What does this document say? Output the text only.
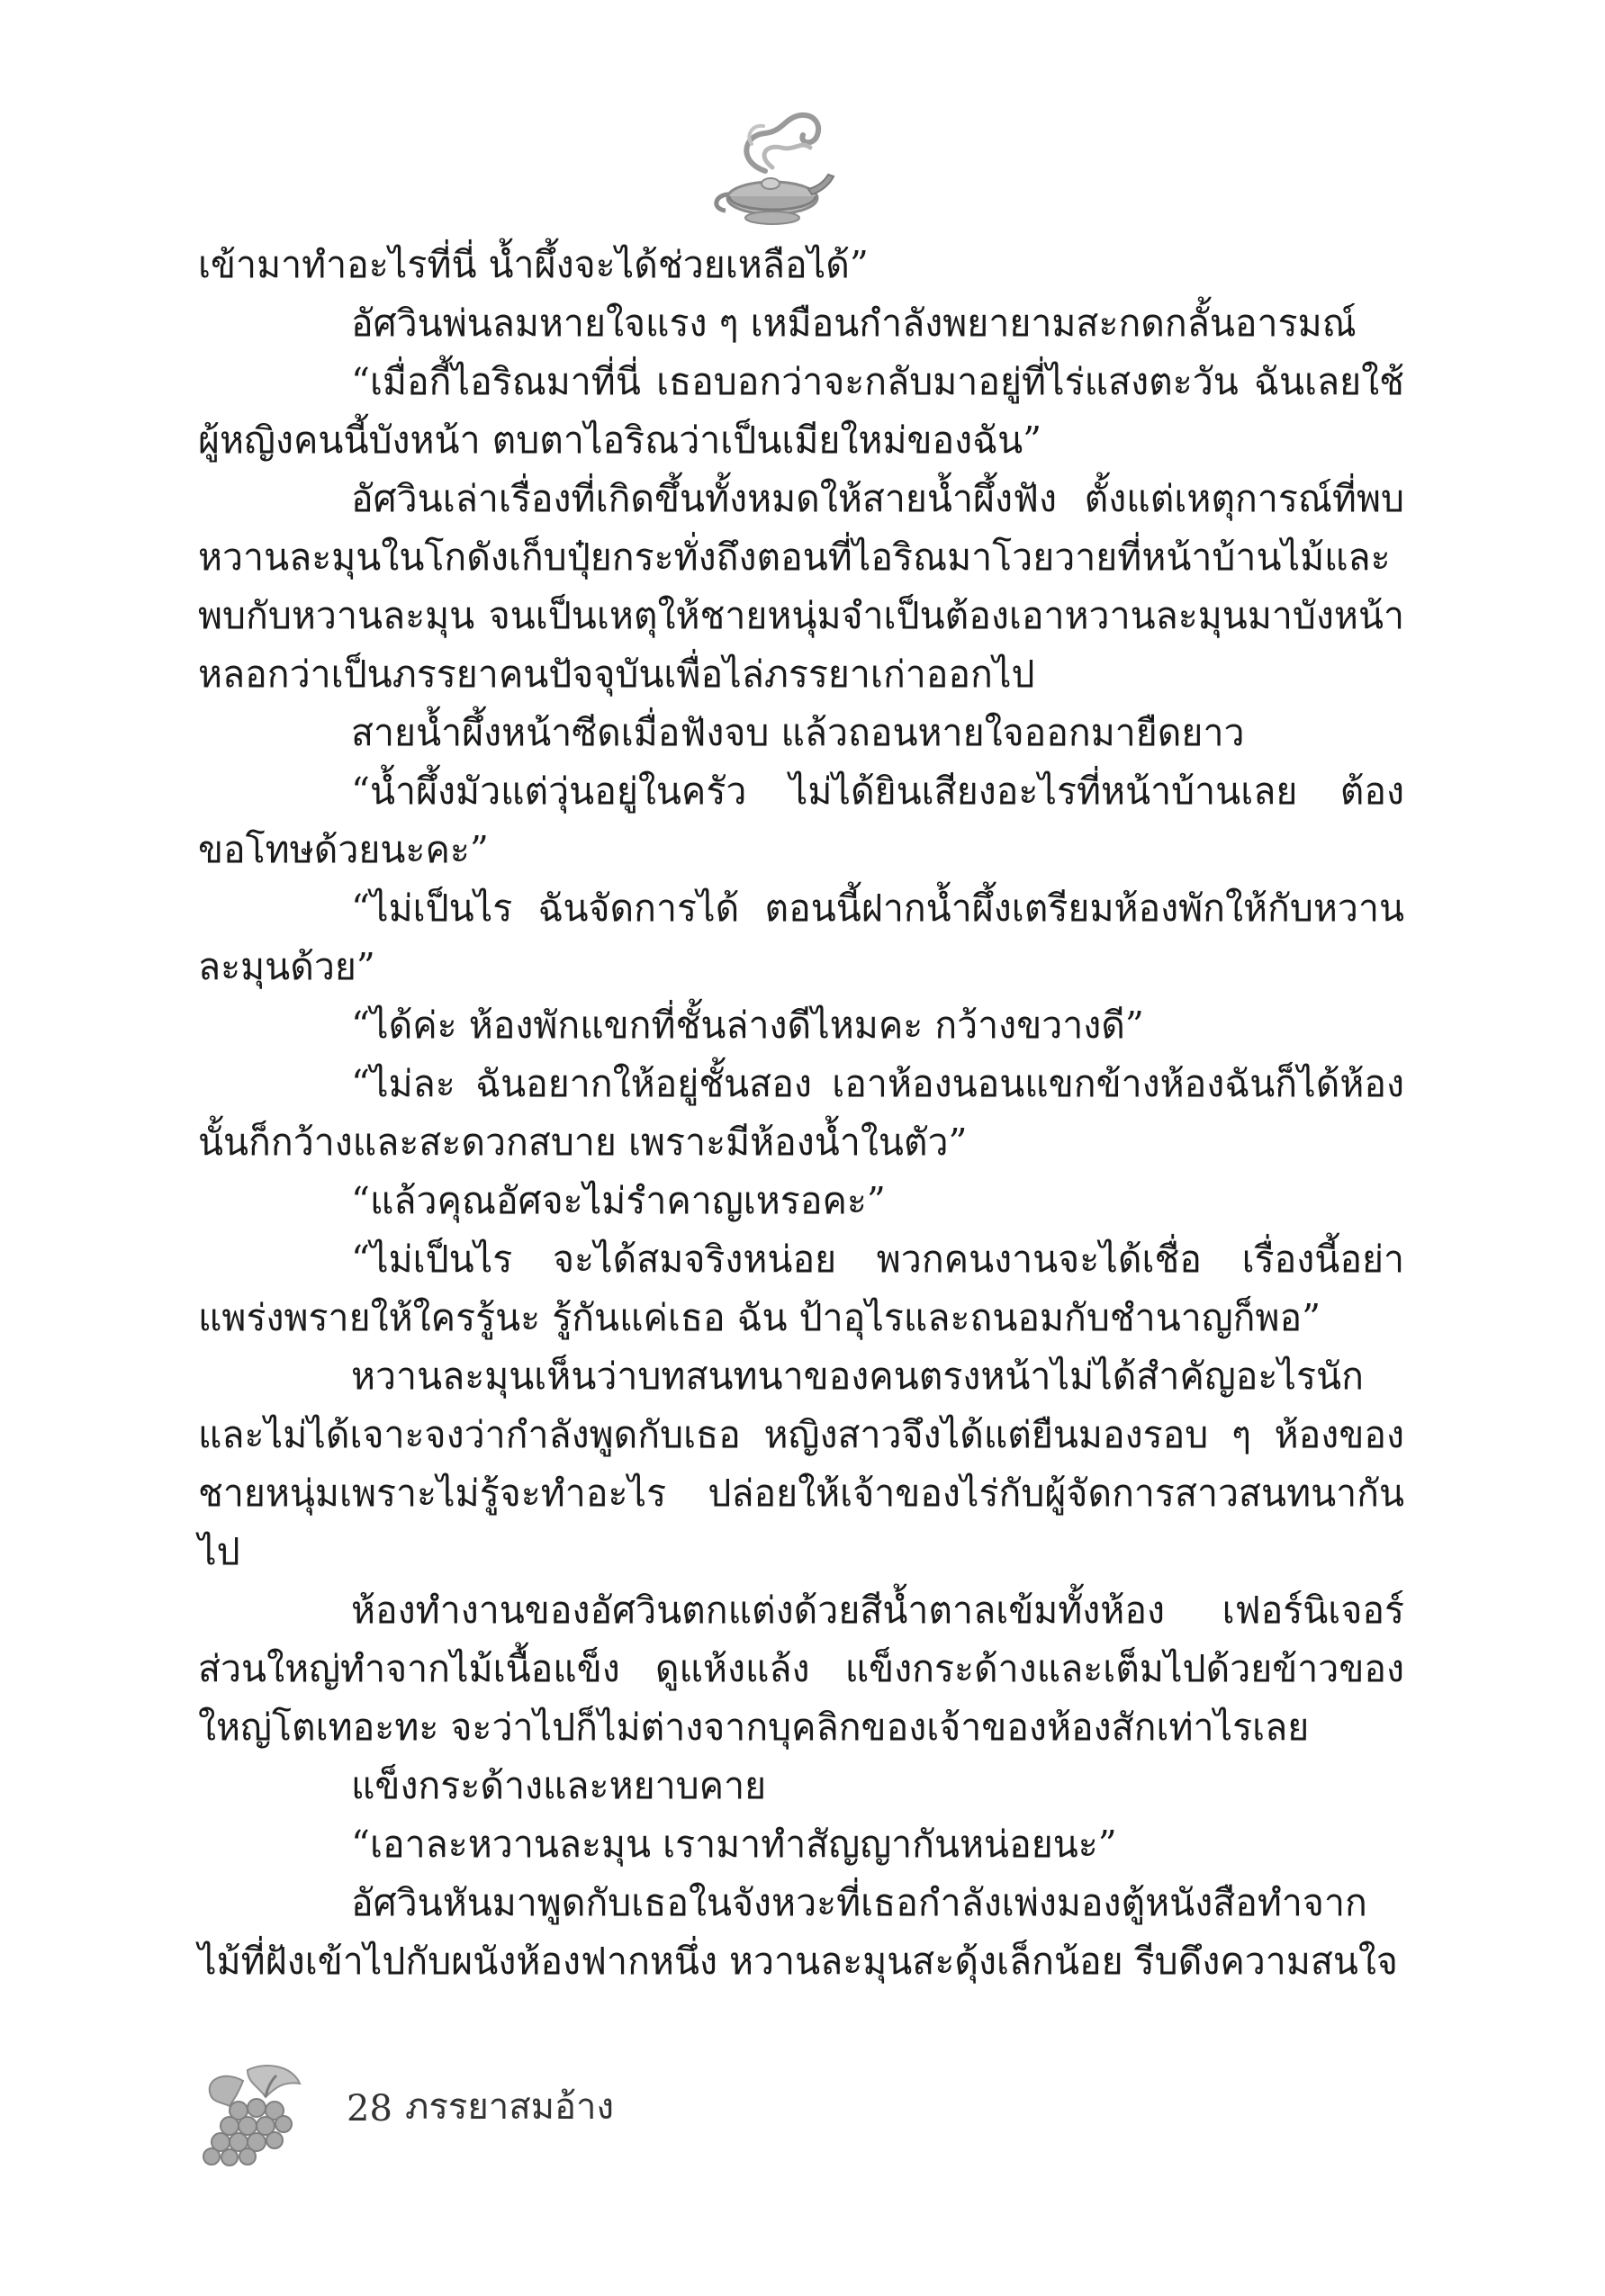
เข้ามาทำอะไรที่นี่ น้ำผึ้งจะได้ช่วยเหลือได้”

อัศวินพ่นลมหายใจแรง ๆ เหมือนกำลังพยายามสะกดกลั้นอารมณ์

“เมื่อกี้ไอริณมาที่นี่ เธอบอกว่าจะกลับมาอยู่ที่ไร่แสงตะวัน ฉันเลยใช้ผู้หญิงคนนี้บังหน้า ตบตาไอริณว่าเป็นเมียใหม่ของฉัน”

อัศวินเล่าเรื่องที่เกิดขึ้นทั้งหมดให้สายน้ำผึ้งฟัง ตั้งแต่เหตุการณ์ที่พบหวานละมุนในโกดังเก็บปุ๋ยกระทั่งถึงตอนที่ไอริณมาโวยวายที่หน้าบ้านไม้และพบกับหวานละมุน จนเป็นเหตุให้ชายหนุ่มจำเป็นต้องเอาหวานละมุนมาบังหน้า หลอกว่าเป็นภรรยาคนปัจจุบันเพื่อไล่ภรรยาเก่าออกไป

สายน้ำผึ้งหน้าซีดเมื่อฟังจบ แล้วถอนหายใจออกมายืดยาว

“น้ำผึ้งมัวแต่วุ่นอยู่ในครัว ไม่ได้ยินเสียงอะไรที่หน้าบ้านเลย ต้องขอโทษด้วยนะคะ”

“ไม่เป็นไร ฉันจัดการได้ ตอนนี้ฝากน้ำผึ้งเตรียมห้องพักให้กับหวานละมุนด้วย”

“ได้ค่ะ ห้องพักแขกที่ชั้นล่างดีไหมคะ กว้างขวางดี”

“ไม่ละ ฉันอยากให้อยู่ชั้นสอง เอาห้องนอนแขกข้างห้องฉันก็ได้ห้องนั้นก็กว้างและสะดวกสบาย เพราะมีห้องน้ำในตัว”

“แล้วคุณอัศจะไม่รำคาญเหรอคะ”

“ไม่เป็นไร จะได้สมจริงหน่อย พวกคนงานจะได้เชื่อ เรื่องนี้อย่าแพร่งพรายให้ใครรู้นะ รู้กันแค่เธอ ฉัน ป้าอุไรและถนอมกับชำนาญก็พอ”

หวานละมุนเห็นว่าบทสนทนาของคนตรงหน้าไม่ได้สำคัญอะไรนักและไม่ได้เจาะจงว่ากำลังพูดกับเธอ หญิงสาวจึงได้แต่ยืนมองรอบ ๆ ห้องของชายหนุ่มเพราะไม่รู้จะทำอะไร ปล่อยให้เจ้าของไร่กับผู้จัดการสาวสนทนากันไป

ห้องทำงานของอัศวินตกแต่งด้วยสีน้ำตาลเข้มทั้งห้อง เฟอร์นิเจอร์ส่วนใหญ่ทำจากไม้เนื้อแข็ง ดูแห้งแล้ง แข็งกระด้างและเต็มไปด้วยข้าวของใหญ่โตเทอะทะ จะว่าไปก็ไม่ต่างจากบุคลิกของเจ้าของห้องสักเท่าไรเลย

แข็งกระด้างและหยาบคาย

“เอาละหวานละมุน เรามาทำสัญญากันหน่อยนะ”

อัศวินหันมาพูดกับเธอในจังหวะที่เธอกำลังเพ่งมองตู้หนังสือทำจากไม้ที่ฝังเข้าไปกับผนังห้องฟากหนึ่ง หวานละมุนสะดุ้งเล็กน้อย รีบดึงความสนใจ

28 ภรรยาสมอ้าง
